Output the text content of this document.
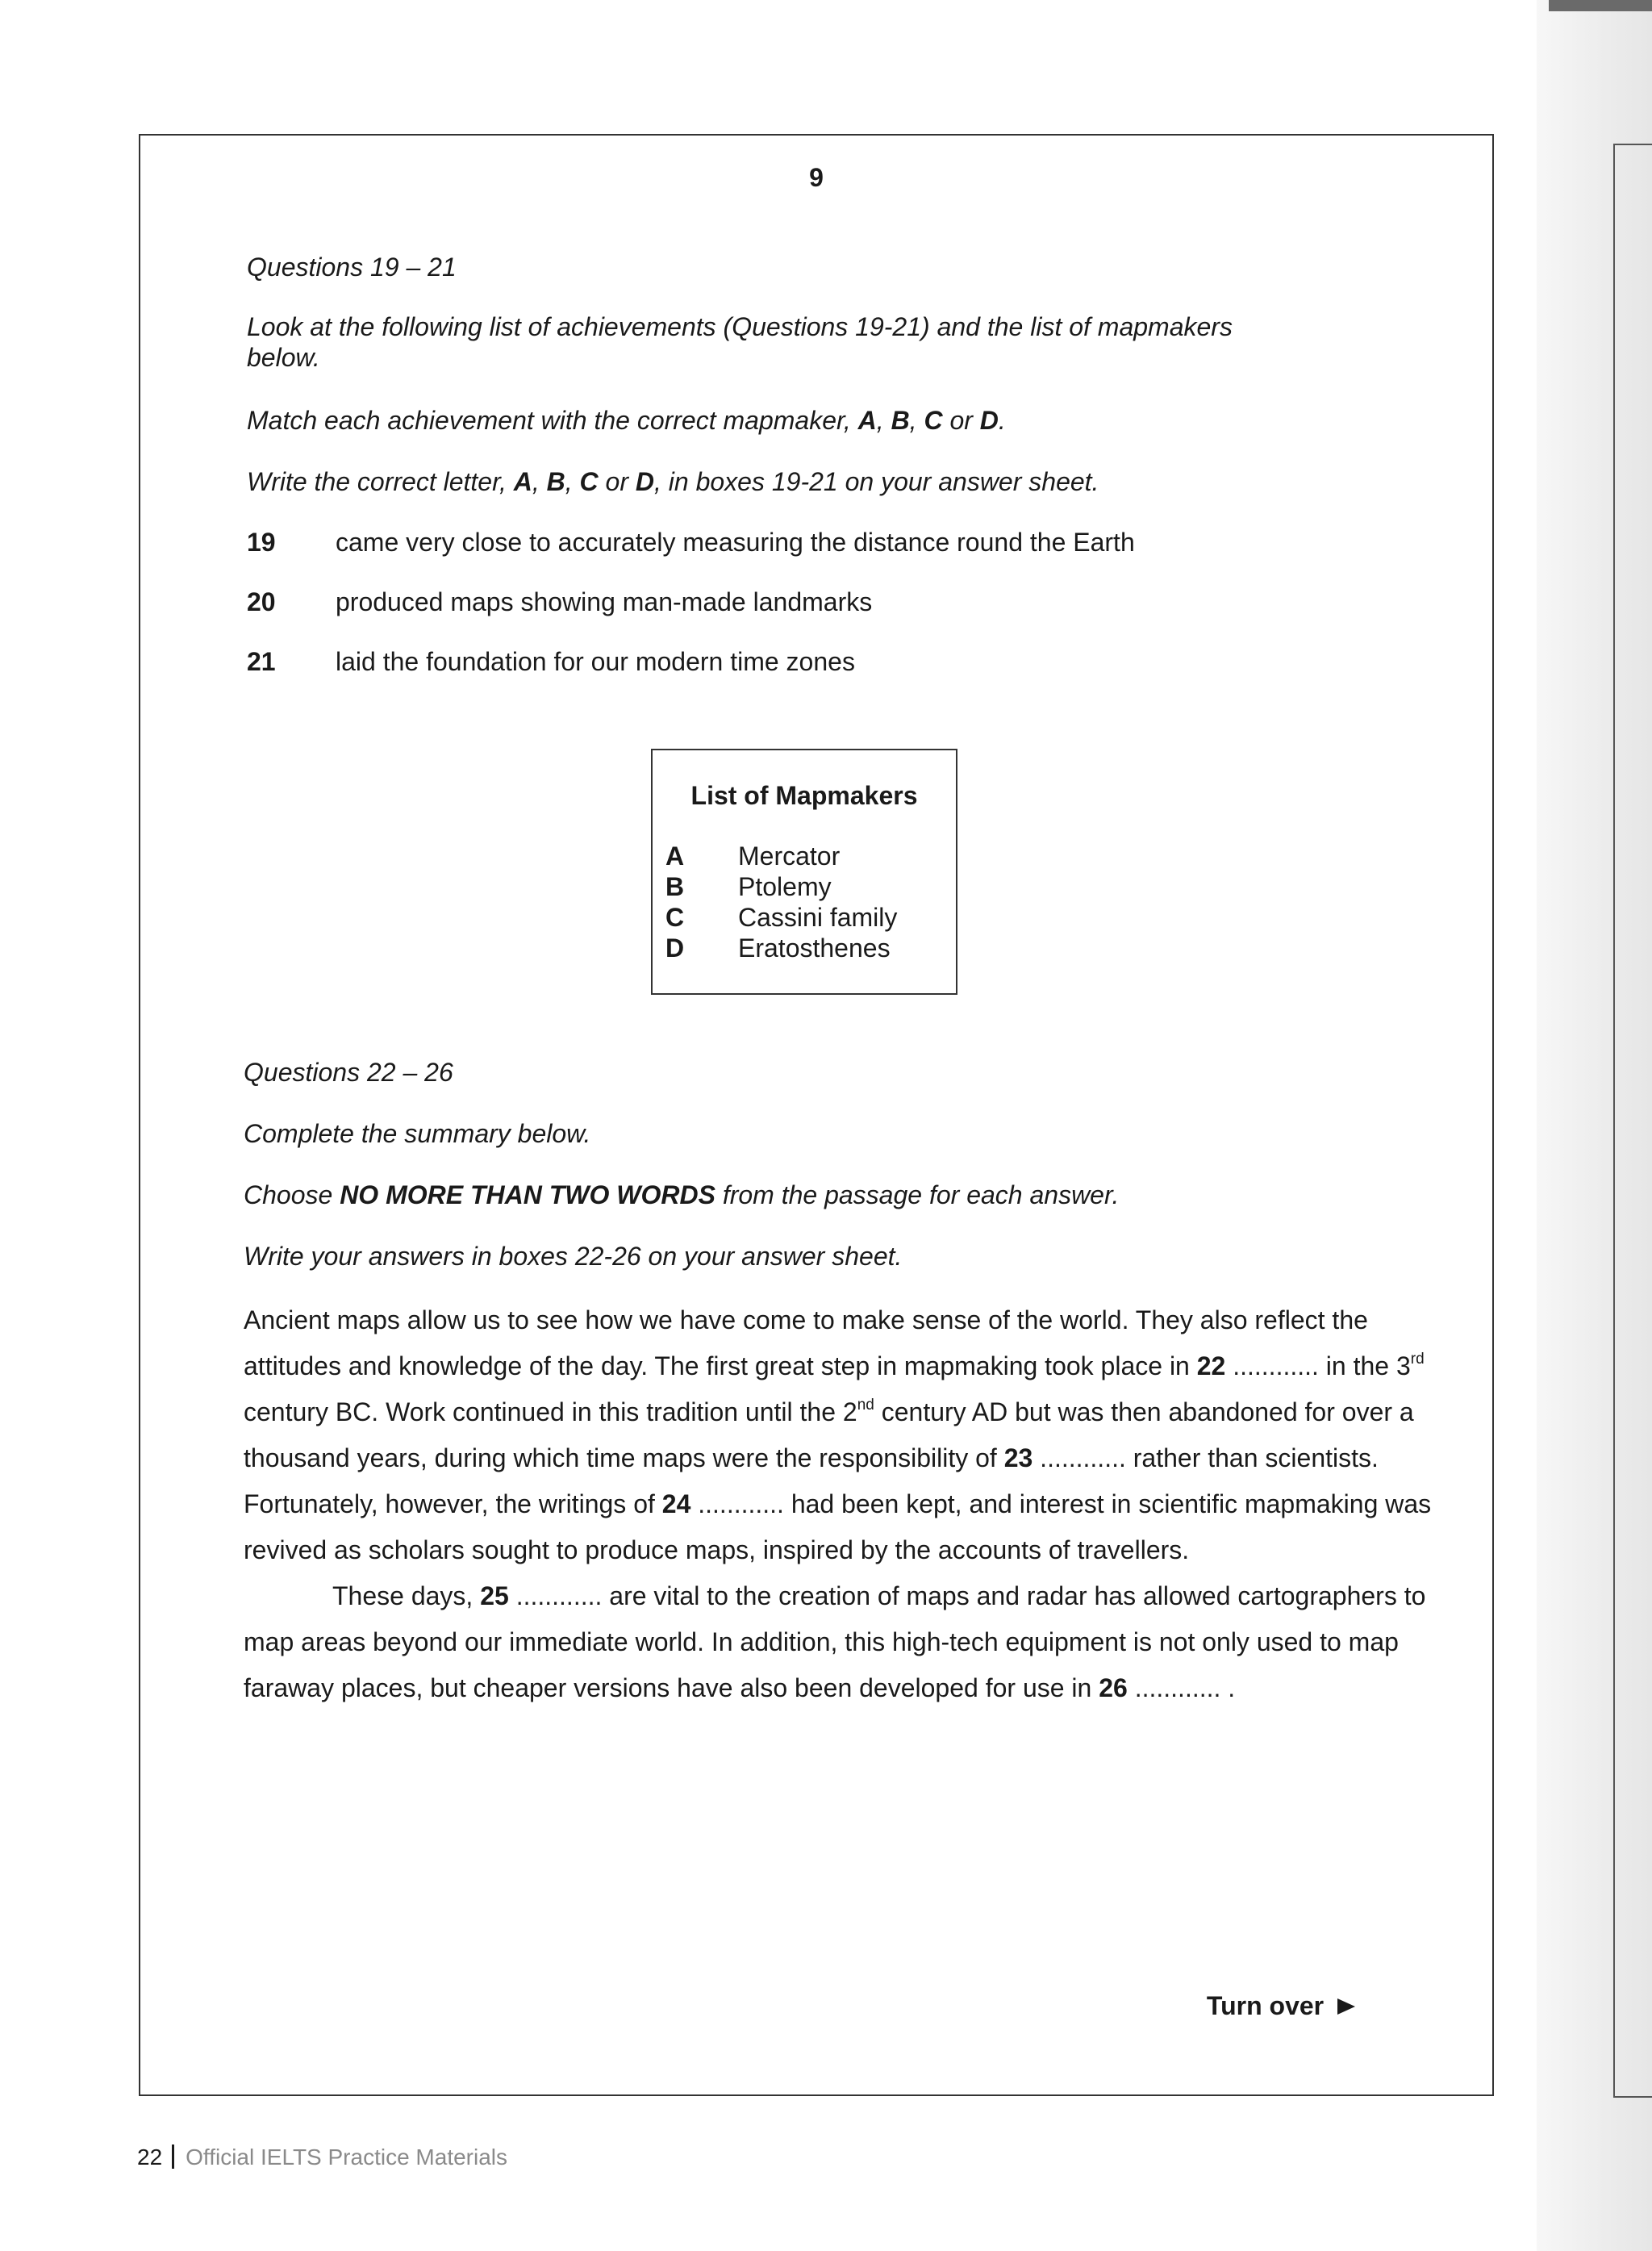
9
Questions 19 – 21
Look at the following list of achievements (Questions 19-21) and the list of mapmakers
below.
Match each achievement with the correct mapmaker, A, B, C or D.
Write the correct letter, A, B, C or D, in boxes 19-21 on your answer sheet.
19 came very close to accurately measuring the distance round the Earth
20 produced maps showing man-made landmarks
21 laid the foundation for our modern time zones
List of Mapmakers
A Mercator
B Ptolemy
C Cassini family
D Eratosthenes
Questions 22 – 26
Complete the summary below.
Choose NO MORE THAN TWO WORDS from the passage for each answer.
Write your answers in boxes 22-26 on your answer sheet.

Ancient maps allow us to see how we have come to make sense of the world. They also reflect the attitudes and knowledge of the day. The first great step in mapmaking took place in 22 ............ in the 3rd century BC. Work continued in this tradition until the 2nd century AD but was then abandoned for over a thousand years, during which time maps were the responsibility of 23 ............ rather than scientists. Fortunately, however, the writings of 24 ............ had been kept, and interest in scientific mapmaking was revived as scholars sought to produce maps, inspired by the accounts of travellers.

These days, 25 ............ are vital to the creation of maps and radar has allowed cartographers to map areas beyond our immediate world. In addition, this high-tech equipment is not only used to map faraway places, but cheaper versions have also been developed for use in 26 ............ .

Turn over
22 Official IELTS Practice Materials
